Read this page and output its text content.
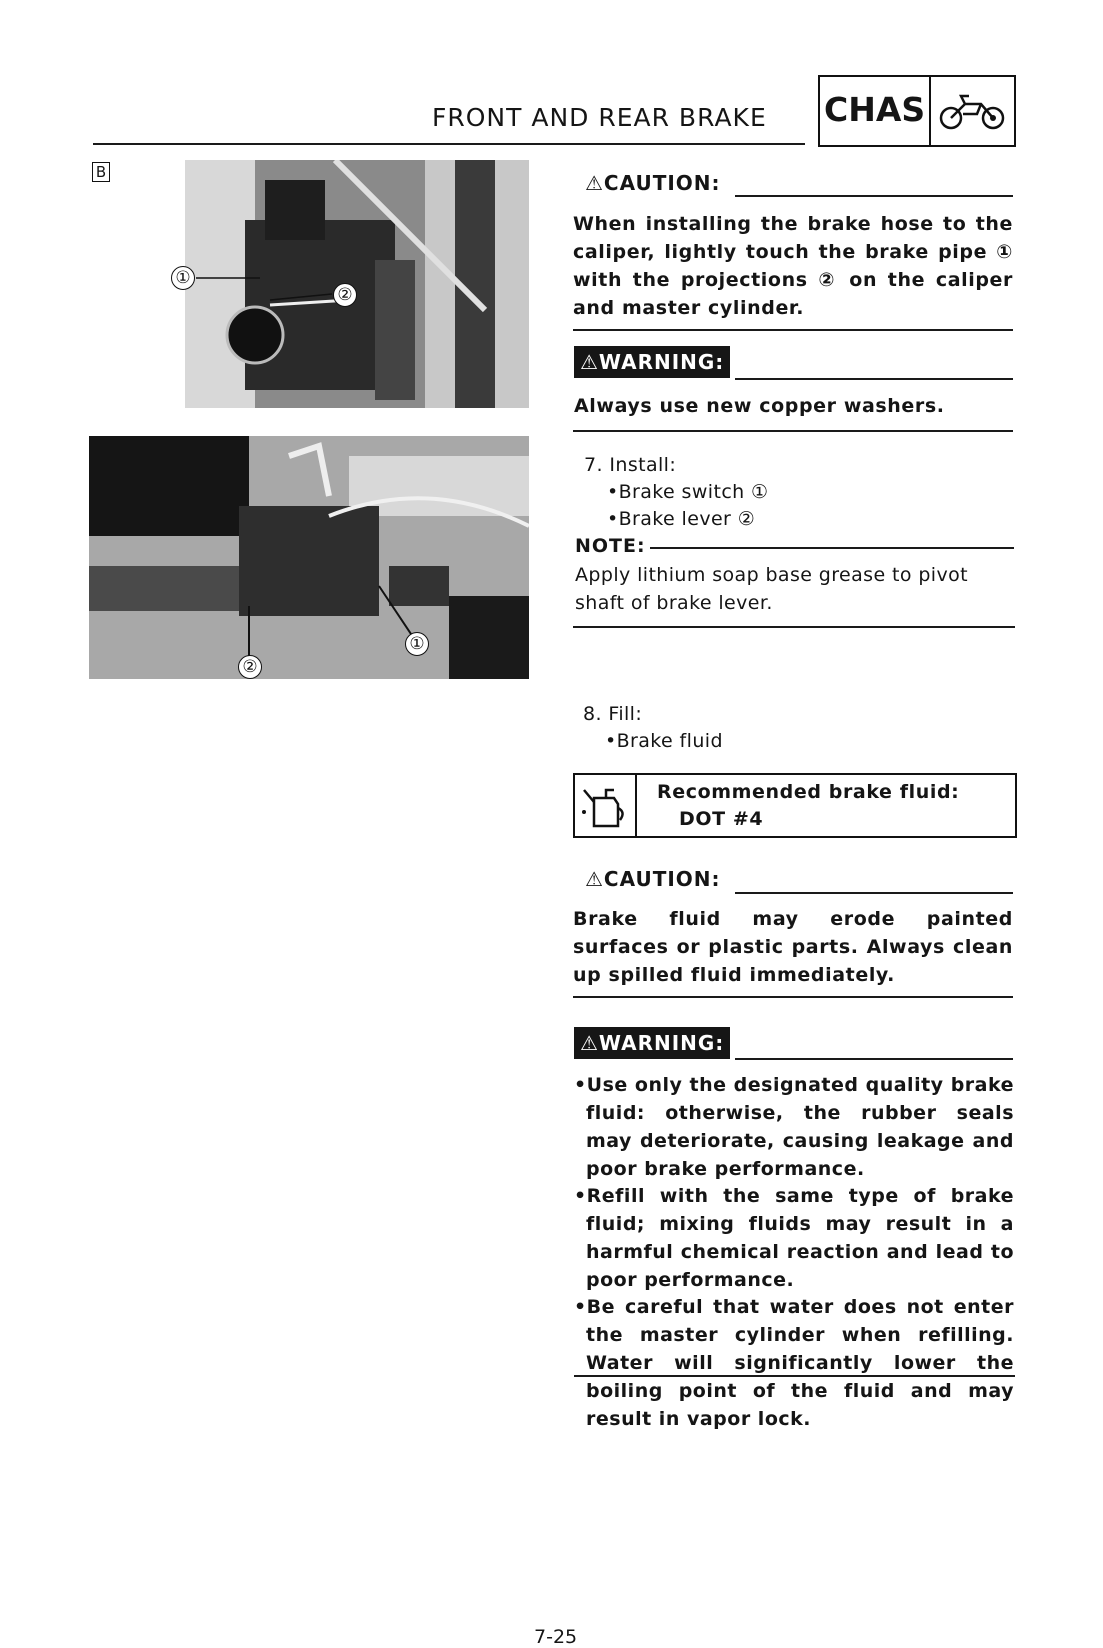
FRONT AND REAR BRAKE CHAS
B
①
②
①
②
⚠CAUTION:
When installing the brake hose to the caliper, lightly touch the brake pipe ① with the projections ② on the caliper and master cylinder.
⚠WARNING:
Always use new copper washers.
7. Install:
•Brake switch ①
•Brake lever ②
NOTE:
Apply lithium soap base grease to pivot shaft of brake lever.
8. Fill:
•Brake fluid
Recommended brake fluid:
DOT #4
⚠CAUTION:
Brake fluid may erode painted surfaces or plastic parts. Always clean up spilled fluid immediately.
⚠WARNING:
•Use only the designated quality brake fluid: otherwise, the rubber seals may deteriorate, causing leakage and poor brake performance.
•Refill with the same type of brake fluid; mixing fluids may result in a harmful chemical reaction and lead to poor performance.
•Be careful that water does not enter the master cylinder when refilling. Water will significantly lower the boiling point of the fluid and may result in vapor lock.
7-25
